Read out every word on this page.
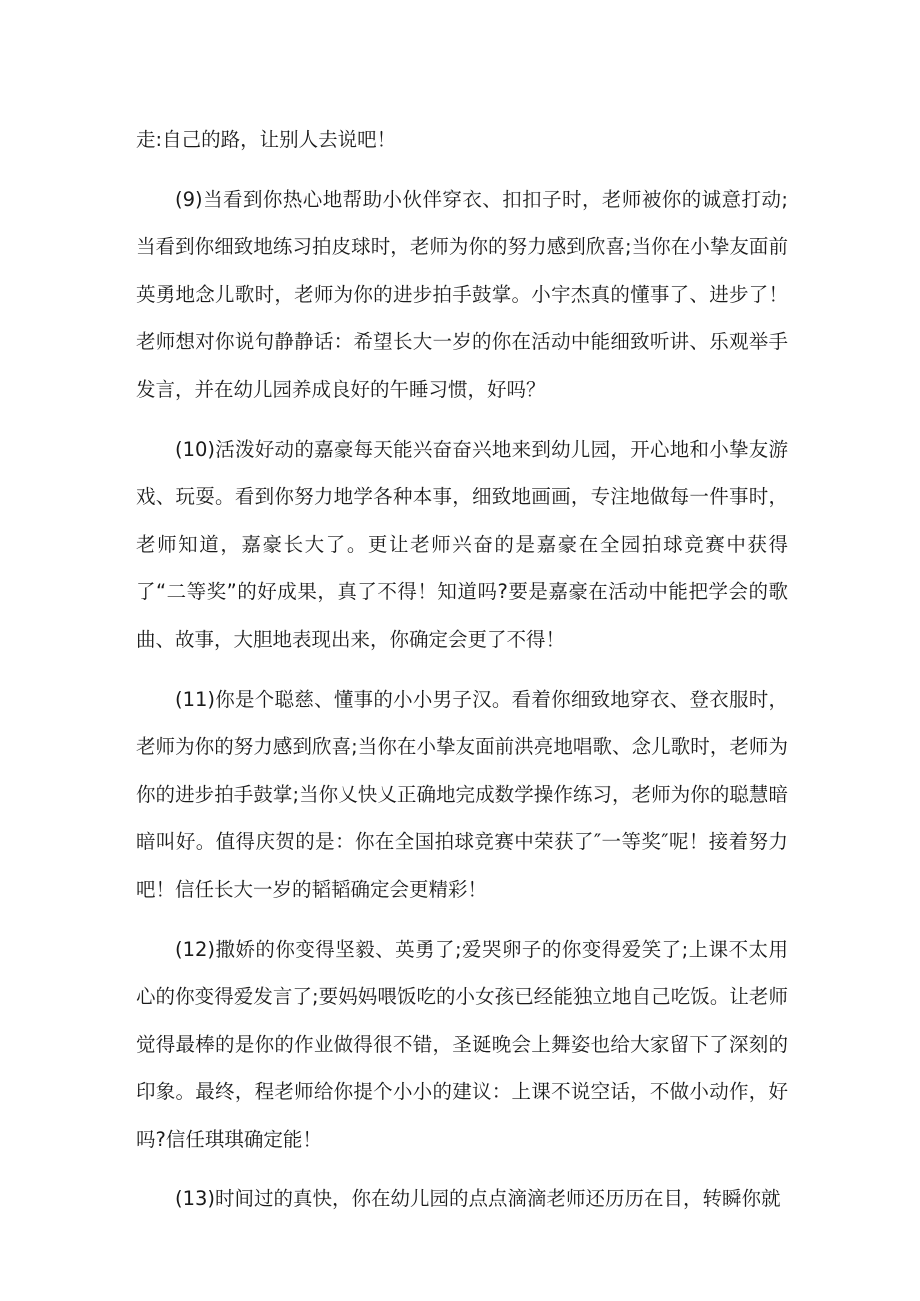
走:自己的路，让别人去说吧！

(9)当看到你热心地帮助小伙伴穿衣、扣扣子时，老师被你的诚意打动;当看到你细致地练习拍皮球时，老师为你的努力感到欣喜;当你在小挚友面前英勇地念儿歌时，老师为你的进步拍手鼓掌。小宇杰真的懂事了、进步了！老师想对你说句静静话：希望长大一岁的你在活动中能细致听讲、乐观举手发言，并在幼儿园养成良好的午睡习惯，好吗？

(10)活泼好动的嘉豪每天能兴奋奋兴地来到幼儿园，开心地和小挚友游戏、玩耍。看到你努力地学各种本事，细致地画画，专注地做每一件事时，老师知道，嘉豪长大了。更让老师兴奋的是嘉豪在全园拍球竞赛中获得了“二等奖”的好成果，真了不得！知道吗?要是嘉豪在活动中能把学会的歌曲、故事，大胆地表现出来，你确定会更了不得！

(11)你是个聪慈、懂事的小小男子汉。看着你细致地穿衣、登衣服时，老师为你的努力感到欣喜;当你在小挚友面前洪亮地唱歌、念儿歌时，老师为你的进步拍手鼓掌;当你乂快乂正确地完成数学操作练习，老师为你的聪慧暗暗叫好。值得庆贺的是：你在全国拍球竞赛中荣获了″一等奖″呢！接着努力吧！信任长大一岁的韬韬确定会更精彩！

(12)撒娇的你变得坚毅、英勇了;爱哭卵子的你变得爱笑了;上课不太用心的你变得爱发言了;要妈妈喂饭吃的小女孩已经能独立地自己吃饭。让老师觉得最棒的是你的作业做得很不错，圣诞晚会上舞姿也给大家留下了深刻的印象。最终，程老师给你提个小小的建议：上课不说空话，不做小动作，好吗?信任琪琪确定能！

(13)时间过的真快，你在幼儿园的点点滴滴老师还历历在目，转瞬你就
